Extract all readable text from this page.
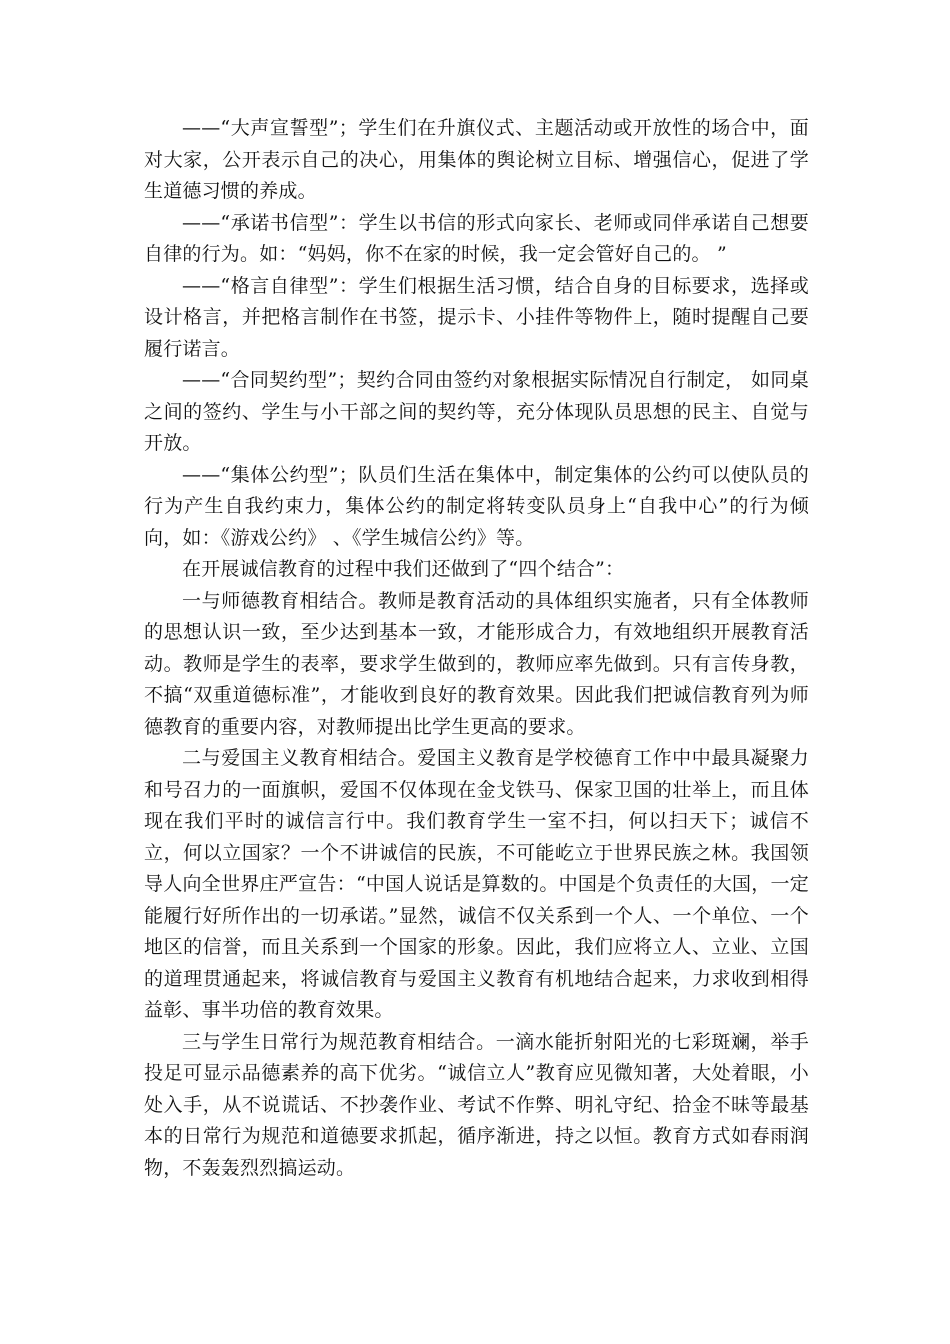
——“大声宣誓型”；学生们在升旗仪式、主题活动或开放性的场合中，面对大家，公开表示自己的决心，用集体的舆论树立目标、增强信心，促进了学生道德习惯的养成。

——“承诺书信型”：学生以书信的形式向家长、老师或同伴承诺自己想要自律的行为。如：“妈妈，你不在家的时候，我一定会管好自己的。 ”

——“格言自律型”：学生们根据生活习惯，结合自身的目标要求，选择或设计格言，并把格言制作在书签，提示卡、小挂件等物件上，随时提醒自己要履行诺言。

——“合同契约型”；契约合同由签约对象根据实际情况自行制定， 如同桌之间的签约、学生与小干部之间的契约等，充分体现队员思想的民主、自觉与开放。

——“集体公约型”；队员们生活在集体中，制定集体的公约可以使队员的行为产生自我约束力，集体公约的制定将转变队员身上“自我中心”的行为倾向，如：《游戏公约》 、《学生城信公约》等。

在开展诚信教育的过程中我们还做到了“四个结合”：

一与师德教育相结合。教师是教育活动的具体组织实施者，只有全体教师的思想认识一致，至少达到基本一致，才能形成合力，有效地组织开展教育活动。教师是学生的表率，要求学生做到的，教师应率先做到。只有言传身教，不搞“双重道德标准”，才能收到良好的教育效果。因此我们把诚信教育列为师德教育的重要内容，对教师提出比学生更高的要求。

二与爱国主义教育相结合。爱国主义教育是学校德育工作中中最具凝聚力和号召力的一面旗帜，爱国不仅体现在金戈铁马、保家卫国的壮举上，而且体现在我们平时的诚信言行中。我们教育学生一室不扫，何以扫天下；诚信不立，何以立国家？一个不讲诚信的民族，不可能屹立于世界民族之林。我国领导人向全世界庄严宣告：“中国人说话是算数的。中国是个负责任的大国，一定能履行好所作出的一切承诺。”显然，诚信不仅关系到一个人、一个单位、一个地区的信誉，而且关系到一个国家的形象。因此，我们应将立人、立业、立国的道理贯通起来，将诚信教育与爱国主义教育有机地结合起来，力求收到相得益彰、事半功倍的教育效果。

三与学生日常行为规范教育相结合。一滴水能折射阳光的七彩斑斓，举手投足可显示品德素养的高下优劣。“诚信立人”教育应见微知著，大处着眼，小处入手，从不说谎话、不抄袭作业、考试不作弊、明礼守纪、拾金不昧等最基本的日常行为规范和道德要求抓起，循序渐进，持之以恒。教育方式如春雨润物，不轰轰烈烈搞运动。
